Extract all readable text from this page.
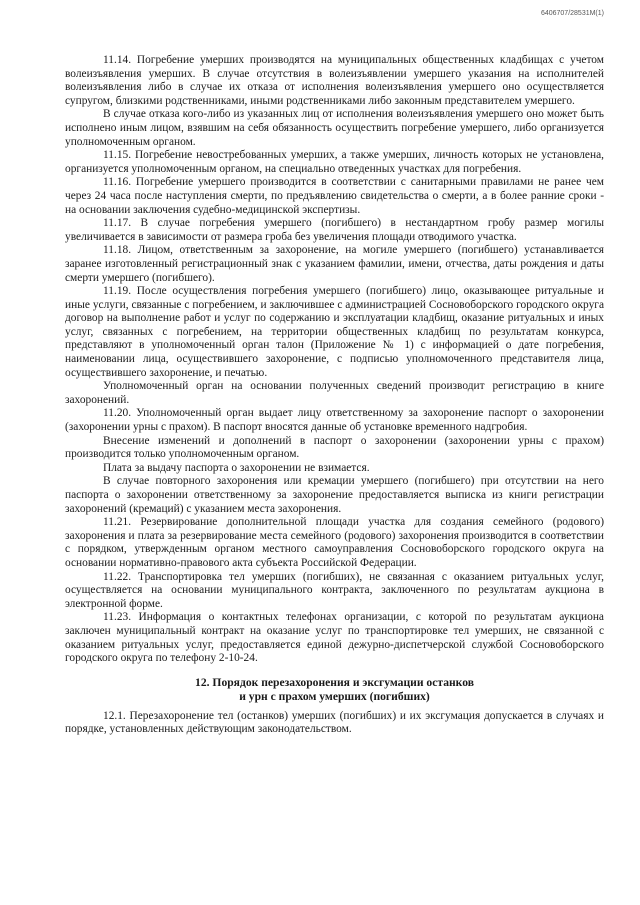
6406707/28531М(1)

11.14. Погребение умерших производятся на муниципальных общественных кладбищах с учетом волеизъявления умерших. В случае отсутствия в волеизъявлении умершего указания на исполнителей волеизъявления либо в случае их отказа от исполнения волеизъявления умершего оно осуществляется супругом, близкими родственниками, иными родственниками либо законным представителем умершего.

В случае отказа кого-либо из указанных лиц от исполнения волеизъявления умершего оно может быть исполнено иным лицом, взявшим на себя обязанность осуществить погребение умершего, либо организуется уполномоченным органом.

11.15. Погребение невостребованных умерших, а также умерших, личность которых не установлена, организуется уполномоченным органом, на специально отведенных участках для погребения.

11.16. Погребение умершего производится в соответствии с санитарными правилами не ранее чем через 24 часа после наступления смерти, по предъявлению свидетельства о смерти, а в более ранние сроки - на основании заключения судебно-медицинской экспертизы.

11.17. В случае погребения умершего (погибшего) в нестандартном гробу размер могилы увеличивается в зависимости от размера гроба без увеличения площади отводимого участка.

11.18. Лицом, ответственным за захоронение, на могиле умершего (погибшего) устанавливается заранее изготовленный регистрационный знак с указанием фамилии, имени, отчества, даты рождения и даты смерти умершего (погибшего).

11.19. После осуществления погребения умершего (погибшего) лицо, оказывающее ритуальные и иные услуги, связанные с погребением, и заключившее с администрацией Сосновоборского городского округа договор на выполнение работ и услуг по содержанию и эксплуатации кладбищ, оказание ритуальных и иных услуг, связанных с погребением, на территории общественных кладбищ по результатам конкурса, представляют в уполномоченный орган талон (Приложение № 1) с информацией о дате погребения, наименовании лица, осуществившего захоронение, с подписью уполномоченного представителя лица, осуществившего захоронение, и печатью.

Уполномоченный орган на основании полученных сведений производит регистрацию в книге захоронений.

11.20. Уполномоченный орган выдает лицу ответственному за захоронение паспорт о захоронении (захоронении урны с прахом). В паспорт вносятся данные об установке временного надгробия.

Внесение изменений и дополнений в паспорт о захоронении (захоронении урны с прахом) производится только уполномоченным органом.

Плата за выдачу паспорта о захоронении не взимается.

В случае повторного захоронения или кремации умершего (погибшего) при отсутствии на него паспорта о захоронении ответственному за захоронение предоставляется выписка из книги регистрации захоронений (кремаций) с указанием места захоронения.

11.21. Резервирование дополнительной площади участка для создания семейного (родового) захоронения и плата за резервирование места семейного (родового) захоронения производится в соответствии с порядком, утвержденным органом местного самоуправления Сосновоборского городского округа на основании нормативно-правового акта субъекта Российской Федерации.

11.22. Транспортировка тел умерших (погибших), не связанная с оказанием ритуальных услуг, осуществляется на основании муниципального контракта, заключенного по результатам аукциона в электронной форме.

11.23. Информация о контактных телефонах организации, с которой по результатам аукциона заключен муниципальный контракт на оказание услуг по транспортировке тел умерших, не связанной с оказанием ритуальных услуг, предоставляется единой дежурно-диспетчерской службой Сосновоборского городского округа по телефону 2-10-24.

12. Порядок перезахоронения и эксгумации останков
и урн с прахом умерших (погибших)

12.1. Перезахоронение тел (останков) умерших (погибших) и их эксгумация допускается в случаях и порядке, установленных действующим законодательством.
